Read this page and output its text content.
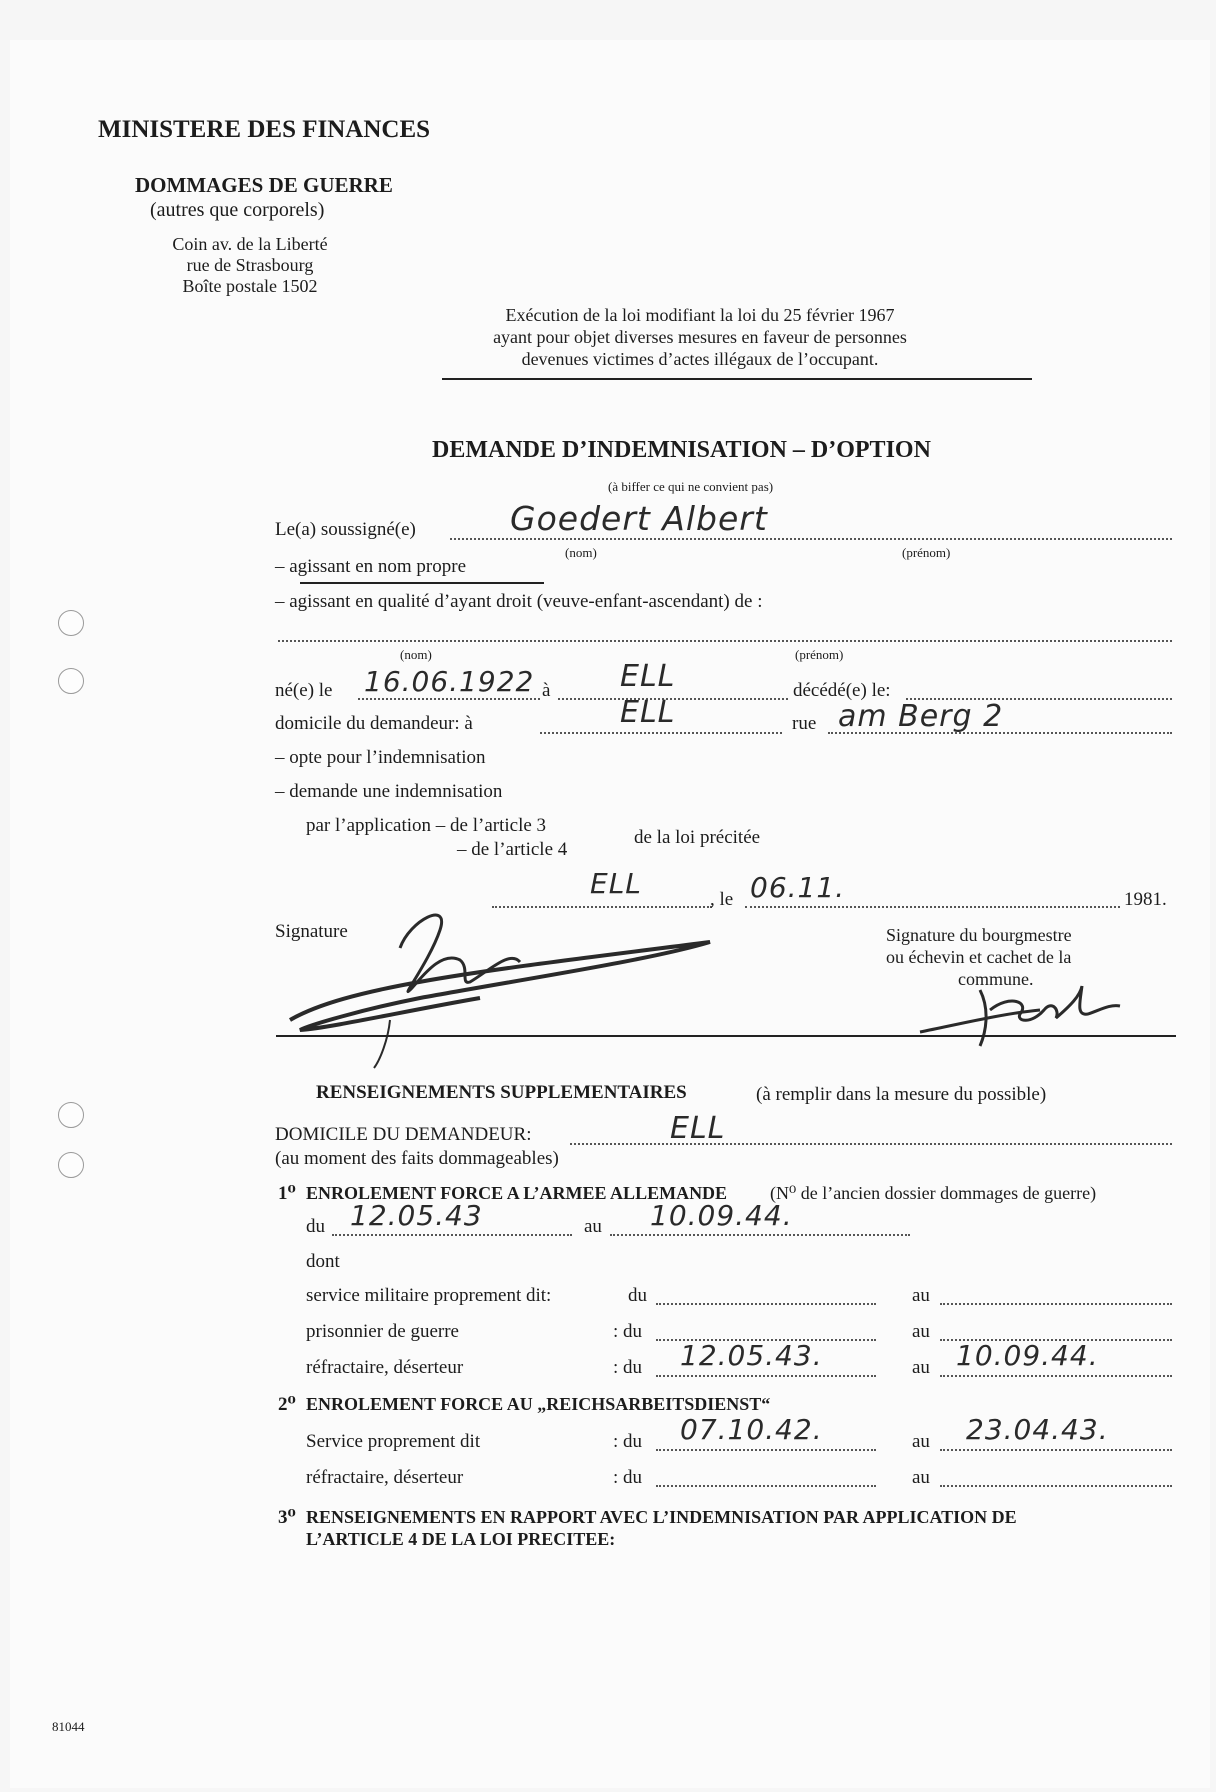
MINISTERE DES FINANCES
DOMMAGES DE GUERRE
(autres que corporels)
Coin av. de la Liberté
rue de Strasbourg
Boîte postale 1502
Exécution de la loi modifiant la loi du 25 février 1967
ayant pour objet diverses mesures en faveur de personnes
devenues victimes d’actes illégaux de l’occupant.
DEMANDE D’INDEMNISATION – D’OPTION
(à biffer ce qui ne convient pas)
Le(a) soussigné(e)	Goedert Albert
(nom)	(prénom)
– agissant en nom propre
– agissant en qualité d’ayant droit (veuve-enfant-ascendant) de :
(nom)	(prénom)
né(e) le 16.06.1922 à ELL	décédé(e) le:
domicile du demandeur: à	ELL	rue am Berg 2
– opte pour l’indemnisation
– demande une indemnisation
par l’application – de l’article 3
– de l’article 4
de la loi précitée
ELL	, le 06.11.	1981.
Signature	Signature du bourgmestre
ou échevin et cachet de la
commune.
RENSEIGNEMENTS SUPPLEMENTAIRES	(à remplir dans la mesure du possible)
DOMICILE DU DEMANDEUR:	ELL
(au moment des faits dommageables)
1⁰ ENROLEMENT FORCE A L’ARMEE ALLEMANDE (N⁰ de l’ancien dossier dommages de guerre)
du 12.05.43	au 10.09.44.
dont
service militaire proprement dit:	du	au
prisonnier de guerre	: du	au
réfractaire, déserteur	: du 12.05.43.	au 10.09.44.
2⁰ ENROLEMENT FORCE AU „REICHSARBEITSDIENST“
Service proprement dit	: du 07.10.42.	au 23.04.43.
réfractaire, déserteur	: du	au
3⁰ RENSEIGNEMENTS EN RAPPORT AVEC L’INDEMNISATION PAR APPLICATION DE
L’ARTICLE 4 DE LA LOI PRECITEE:
81044
